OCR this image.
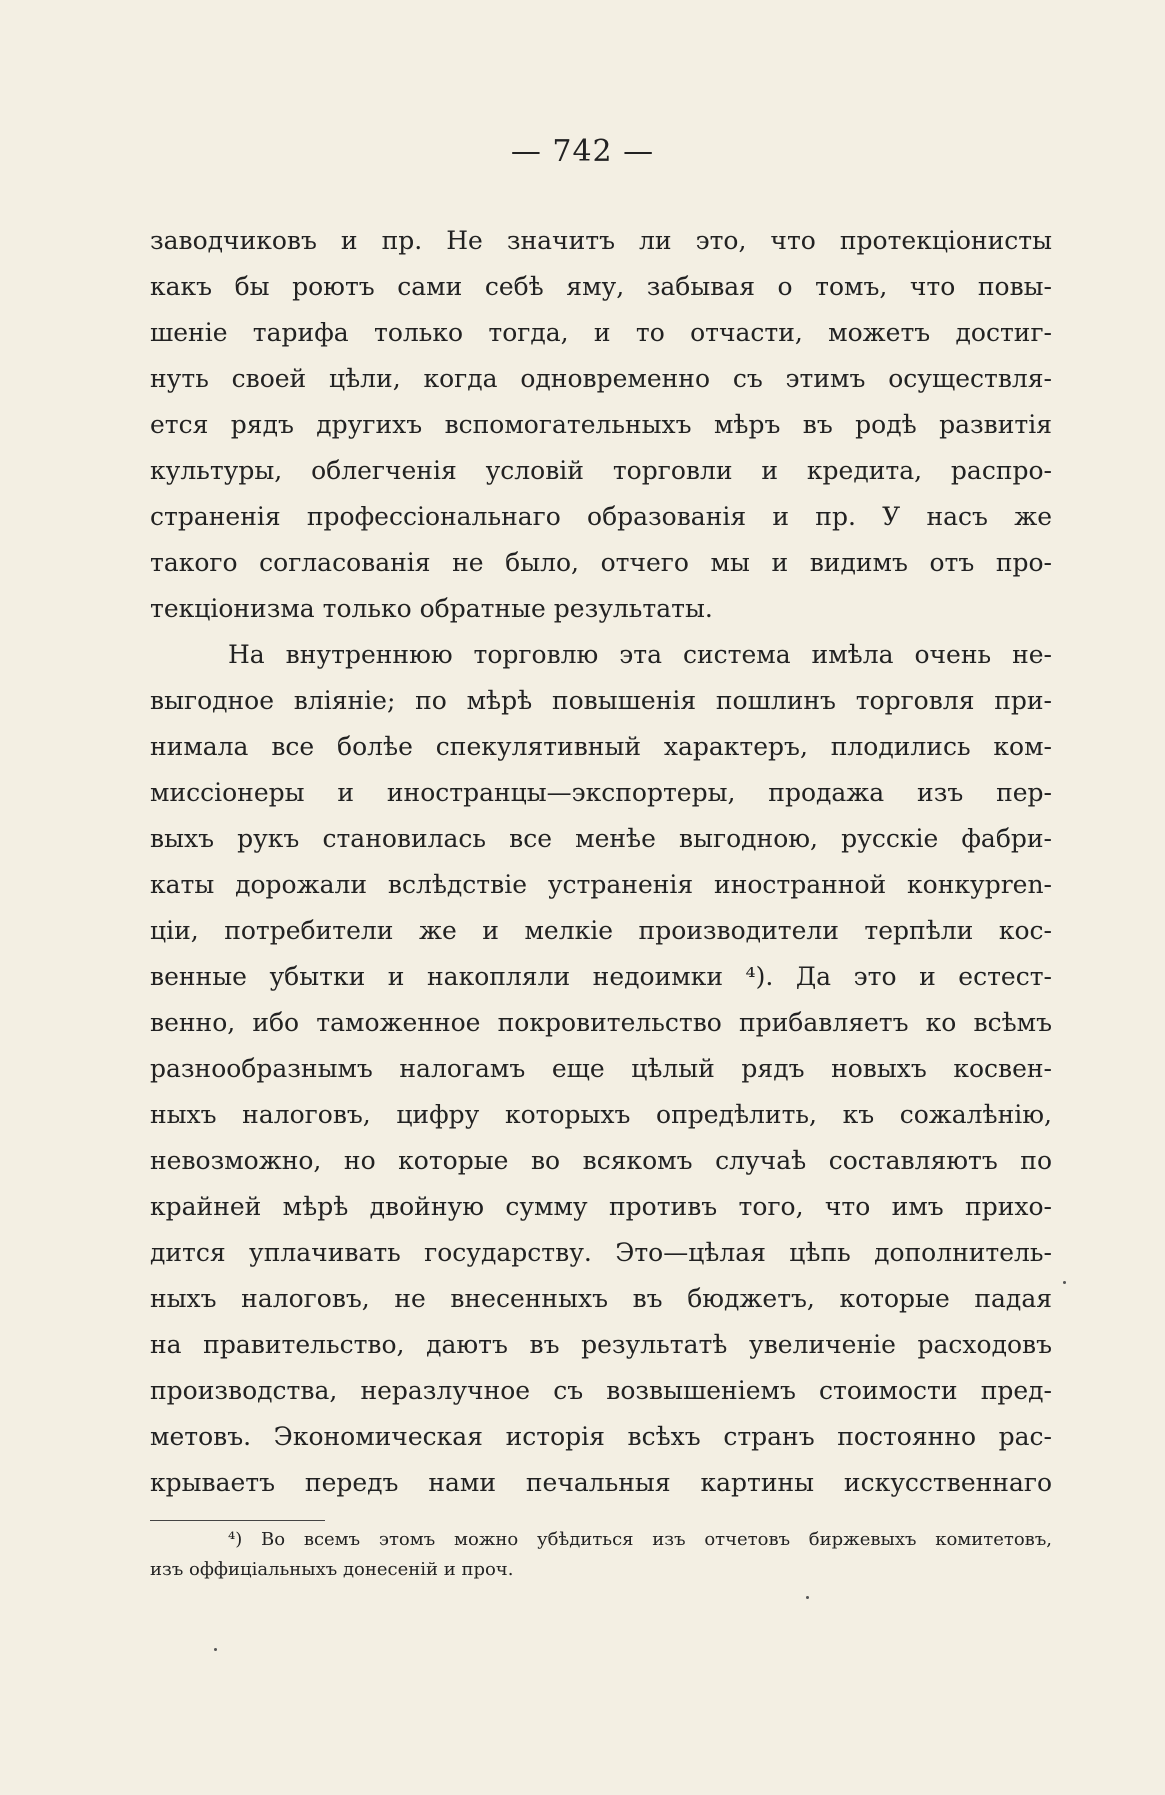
— 742 —
заводчиковъ и пр. Не значитъ ли это, что протекціонисты
какъ бы роютъ сами себѣ яму, забывая о томъ, что повы-
шеніе тарифа только тогда, и то отчасти, можетъ достиг-
нуть своей цѣли, когда одновременно съ этимъ осуществля-
ется рядъ другихъ вспомогательныхъ мѣръ въ родѣ развитія
культуры, облегченія условій торговли и кредита, распро-
страненія профессіональнаго образованія и пр. У насъ же
такого согласованія не было, отчего мы и видимъ отъ про-
текціонизма только обратные результаты.
На внутреннюю торговлю эта система имѣла очень не-
выгодное вліяніе; по мѣрѣ повышенія пошлинъ торговля при-
нимала все болѣе спекулятивный характеръ, плодились ком-
миссіонеры и иностранцы—экспортеры, продажа изъ пер-
выхъ рукъ становилась все менѣе выгодною, русскіе фабри-
каты дорожали вслѣдствіе устраненія иностранной конкурren-
ціи, потребители же и мелкіе производители терпѣли кос-
венные убытки и накопляли недоимки ⁴). Да это и естест-
венно, ибо таможенное покровительство прибавляетъ ко всѣмъ
разнообразнымъ налогамъ еще цѣлый рядъ новыхъ косвен-
ныхъ налоговъ, цифру которыхъ опредѣлить, къ сожалѣнію,
невозможно, но которые во всякомъ случаѣ составляютъ по
крайней мѣрѣ двойную сумму противъ того, что имъ прихо-
дится уплачивать государству. Это—цѣлая цѣпь дополнитель-
ныхъ налоговъ, не внесенныхъ въ бюджетъ, которые падая
на правительство, даютъ въ результатѣ увеличеніе расходовъ
производства, неразлучное съ возвышеніемъ стоимости пред-
метовъ. Экономическая исторія всѣхъ странъ постоянно рас-
крываетъ передъ нами печальныя картины искусственнаго
⁴) Во всемъ этомъ можно убѣдиться изъ отчетовъ биржевыхъ комитетовъ,
изъ оффиціальныхъ донесеній и проч.
